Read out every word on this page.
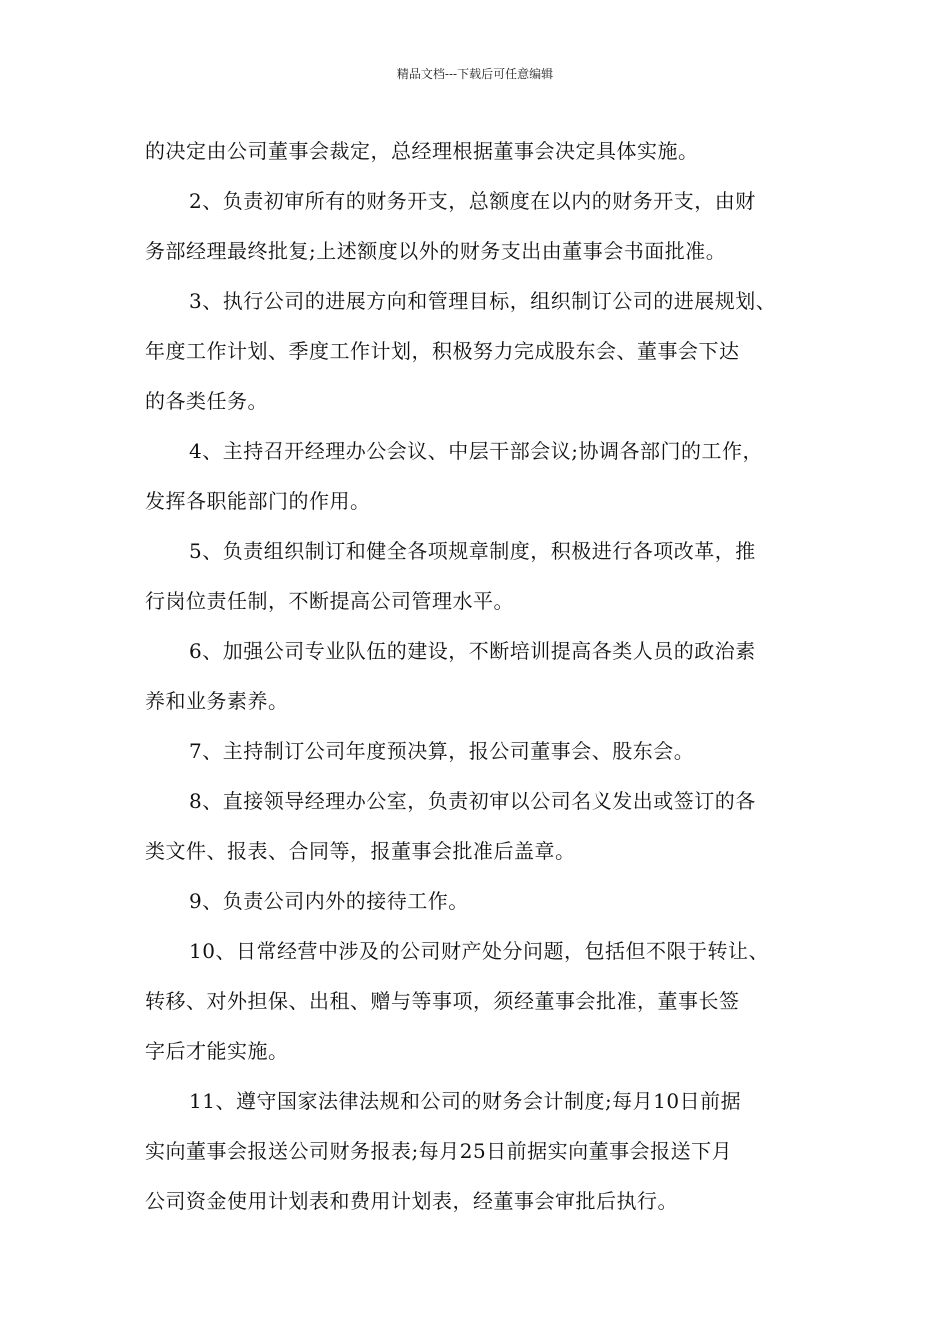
精品文档---下载后可任意编辑
的决定由公司董事会裁定，总经理根据董事会决定具体实施。
2、负责初审所有的财务开支，总额度在以内的财务开支，由财
务部经理最终批复;上述额度以外的财务支出由董事会书面批准。
3、执行公司的进展方向和管理目标，组织制订公司的进展规划、
年度工作计划、季度工作计划，积极努力完成股东会、董事会下达
的各类任务。
4、主持召开经理办公会议、中层干部会议;协调各部门的工作，
发挥各职能部门的作用。
5、负责组织制订和健全各项规章制度，积极进行各项改革，推
行岗位责任制，不断提高公司管理水平。
6、加强公司专业队伍的建设，不断培训提高各类人员的政治素
养和业务素养。
7、主持制订公司年度预决算，报公司董事会、股东会。
8、直接领导经理办公室，负责初审以公司名义发出或签订的各
类文件、报表、合同等，报董事会批准后盖章。
9、负责公司内外的接待工作。
10、日常经营中涉及的公司财产处分问题，包括但不限于转让、
转移、对外担保、出租、赠与等事项，须经董事会批准，董事长签
字后才能实施。
11、遵守国家法律法规和公司的财务会计制度;每月10日前据
实向董事会报送公司财务报表;每月25日前据实向董事会报送下月
公司资金使用计划表和费用计划表，经董事会审批后执行。
